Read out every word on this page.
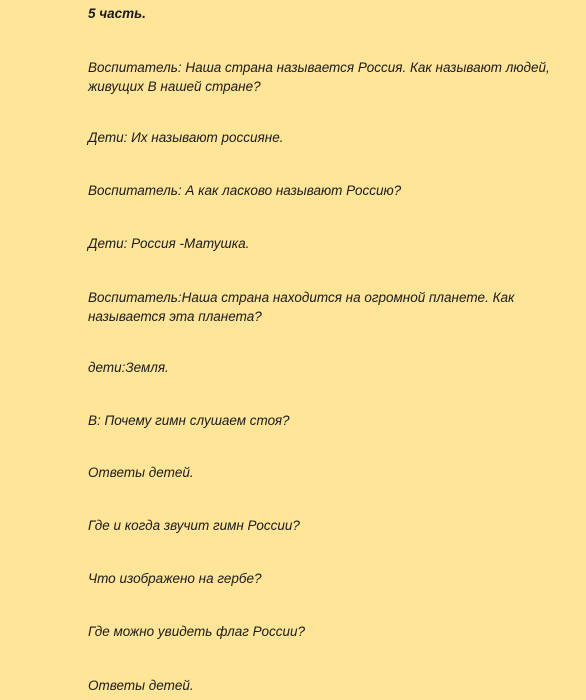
5 часть.

Воспитатель: Наша страна называется Россия. Как называют людей, живущих В нашей стране?

Дети: Их называют россияне.

Воспитатель: А как ласково называют Россию?

Дети: Россия -Матушка.

Воспитатель:Наша страна находится на огромной планете. Как называется эта планета?

дети:Земля.

В: Почему гимн слушаем стоя?

Ответы детей.

Где и когда звучит гимн России?

Что изображено на гербе?

Где можно увидеть флаг России?

Ответы детей.
